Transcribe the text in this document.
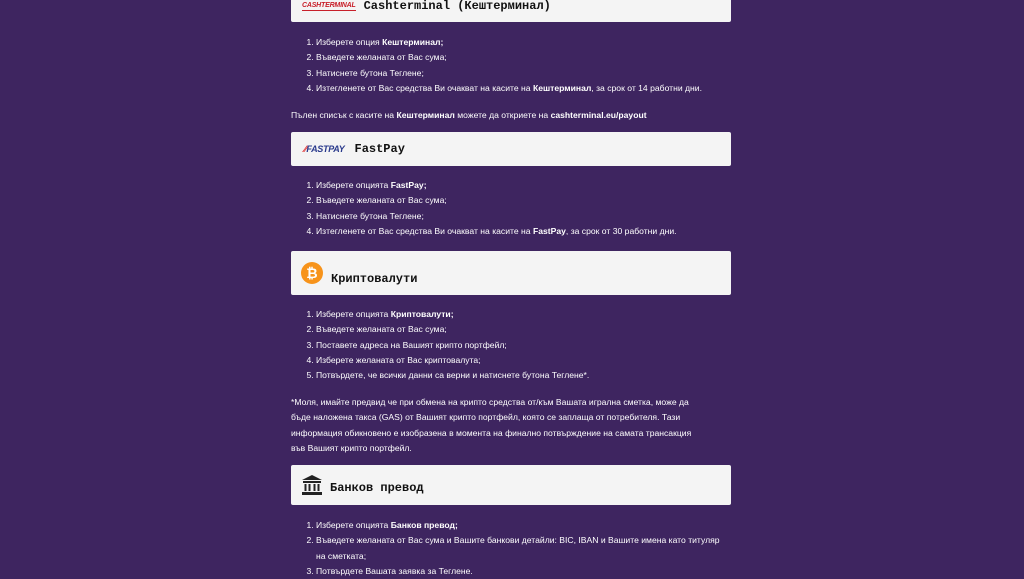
CASHTERMINAL Cashterminal (Кештерминал)
1. Изберете опция Кештерминал;
2. Въведете желаната от Вас сума;
3. Натиснете бутона Теглене;
4. Изтегленете от Вас средства Ви очакват на касите на Кештерминал, за срок от 14 работни дни.

Пълен списък с касите на Кештерминал можете да откриете на cashterminal.eu/payout

⁄⁄FASTPAY FastPay
1. Изберете опцията FastPay;
2. Въведете желаната от Вас сума;
3. Натиснете бутона Теглене;
4. Изтегленете от Вас средства Ви очакват на касите на FastPay, за срок от 30 работни дни.
₿	Криптовалути
1. Изберете опцията Криптовалути;
2. Въведете желаната от Вас сума;
3. Поставете адреса на Вашият крипто портфейл;
4. Изберете желаната от Вас криптовалута;
5. Потвърдете, че всички данни са верни и натиснете бутона Теглене*.
*Моля, имайте предвид че при обмена на крипто средства от/към Вашата игрална сметка, може да
бъде наложена такса (GAS) от Вашият крипто портфейл, която се заплаща от потребителя. Тази
информация обикновено е изобразена в момента на финално потвърждение на самата трансакция
във Вашият крипто портфейл.
Банков превод
1. Изберете опцията Банков превод;
2. Въведете желаната от Вас сума и Вашите банкови детайли: BIC, IBAN и Вашите имена като титуляр на сметката;
3. Потвърдете Вашата заявка за Теглене.
